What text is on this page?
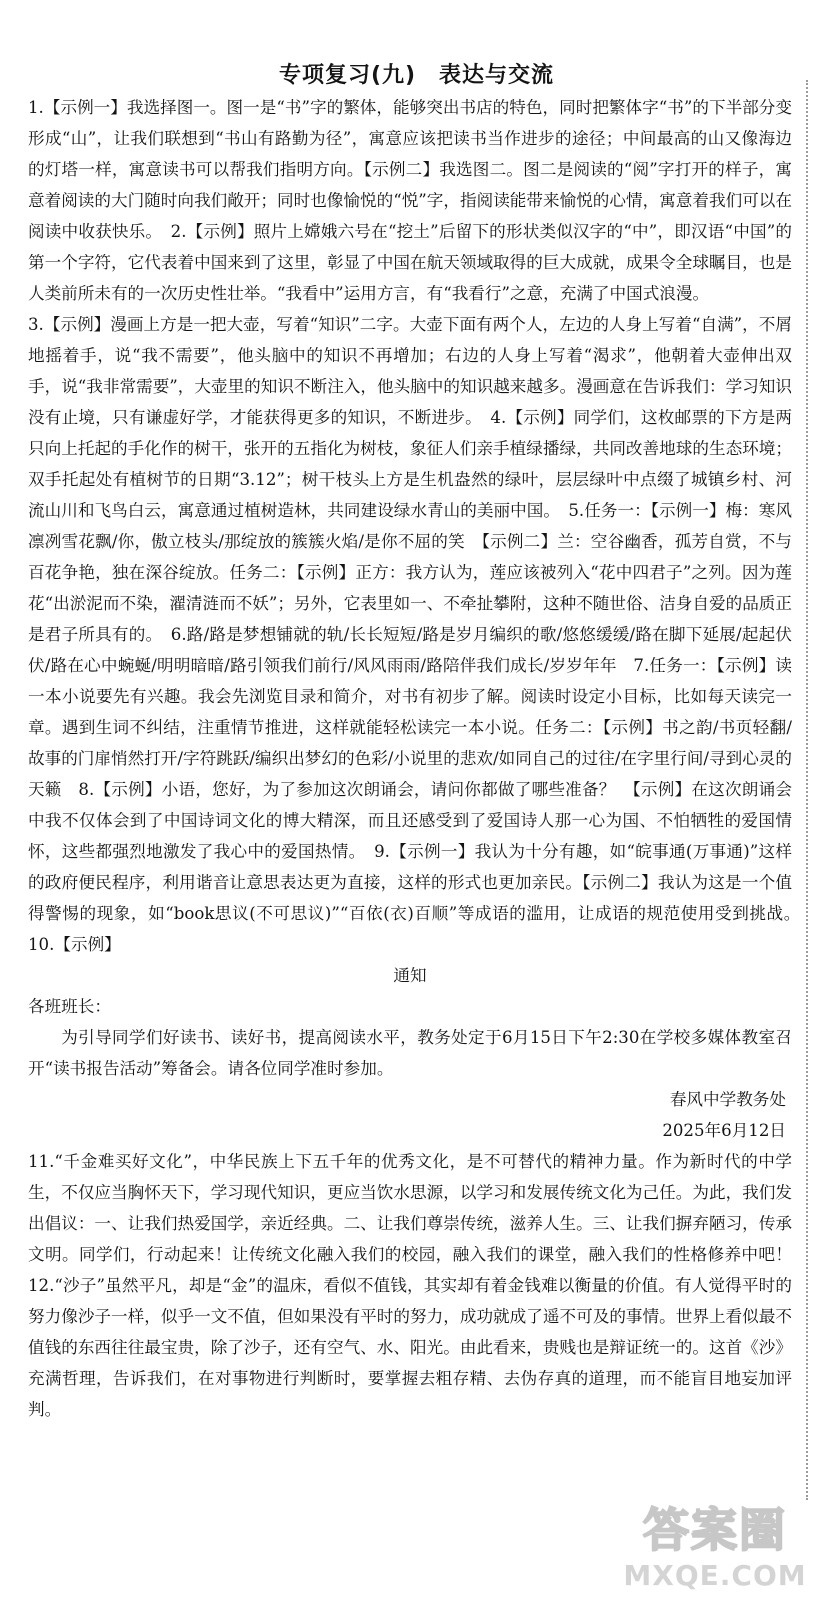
专项复习(九)　表达与交流

1.【示例一】我选择图一。图一是“书”字的繁体，能够突出书店的特色，同时把繁体字“书”的下半部分变形成“山”，让我们联想到“书山有路勤为径”，寓意应该把读书当作进步的途径；中间最高的山又像海边的灯塔一样，寓意读书可以帮我们指明方向。【示例二】我选图二。图二是阅读的“阅”字打开的样子，寓意着阅读的大门随时向我们敞开；同时也像愉悦的“悦”字，指阅读能带来愉悦的心情，寓意着我们可以在阅读中收获快乐。　2.【示例】照片上嫦娥六号在“挖土”后留下的形状类似汉字的“中”，即汉语“中国”的第一个字符，它代表着中国来到了这里，彰显了中国在航天领域取得的巨大成就，成果令全球瞩目，也是人类前所未有的一次历史性壮举。“我看中”运用方言，有“我看行”之意，充满了中国式浪漫。

3.【示例】漫画上方是一把大壶，写着“知识”二字。大壶下面有两个人，左边的人身上写着“自满”，不屑地摇着手，说“我不需要”，他头脑中的知识不再增加；右边的人身上写着“渴求”，他朝着大壶伸出双手，说“我非常需要”，大壶里的知识不断注入，他头脑中的知识越来越多。漫画意在告诉我们：学习知识没有止境，只有谦虚好学，才能获得更多的知识，不断进步。　4.【示例】同学们，这枚邮票的下方是两只向上托起的手化作的树干，张开的五指化为树枝，象征人们亲手植绿播绿，共同改善地球的生态环境；双手托起处有植树节的日期“3.12”；树干枝头上方是生机盎然的绿叶，层层绿叶中点缀了城镇乡村、河流山川和飞鸟白云，寓意通过植树造林，共同建设绿水青山的美丽中国。　5.任务一：【示例一】梅：寒风凛冽雪花飘/你，傲立枝头/那绽放的簇簇火焰/是你不屈的笑　【示例二】兰：空谷幽香，孤芳自赏，不与百花争艳，独在深谷绽放。任务二：【示例】正方：我方认为，莲应该被列入“花中四君子”之列。因为莲花“出淤泥而不染，濯清涟而不妖”；另外，它表里如一、不牵扯攀附，这种不随世俗、洁身自爱的品质正是君子所具有的。　6.路/路是梦想铺就的轨/长长短短/路是岁月编织的歌/悠悠缓缓/路在脚下延展/起起伏伏/路在心中蜿蜒/明明暗暗/路引领我们前行/风风雨雨/路陪伴我们成长/岁岁年年　7.任务一：【示例】读一本小说要先有兴趣。我会先浏览目录和简介，对书有初步了解。阅读时设定小目标，比如每天读完一章。遇到生词不纠结，注重情节推进，这样就能轻松读完一本小说。任务二：【示例】书之韵/书页轻翻/故事的门扉悄然打开/字符跳跃/编织出梦幻的色彩/小说里的悲欢/如同自己的过往/在字里行间/寻到心灵的天籁　8.【示例】小语，您好，为了参加这次朗诵会，请问你都做了哪些准备？　【示例】在这次朗诵会中我不仅体会到了中国诗词文化的博大精深，而且还感受到了爱国诗人那一心为国、不怕牺牲的爱国情怀，这些都强烈地激发了我心中的爱国热情。　9.【示例一】我认为十分有趣，如“皖事通(万事通)”这样的政府便民程序，利用谐音让意思表达更为直接，这样的形式也更加亲民。【示例二】我认为这是一个值得警惕的现象，如“book思议(不可思议)”“百依(衣)百顺”等成语的滥用，让成语的规范使用受到挑战。　10.【示例】

通知

各班班长：

为引导同学们好读书、读好书，提高阅读水平，教务处定于6月15日下午2:30在学校多媒体教室召开“读书报告活动”筹备会。请各位同学准时参加。

春风中学教务处

2025年6月12日

11.“千金难买好文化”，中华民族上下五千年的优秀文化，是不可替代的精神力量。作为新时代的中学生，不仅应当胸怀天下，学习现代知识，更应当饮水思源，以学习和发展传统文化为己任。为此，我们发出倡议：一、让我们热爱国学，亲近经典。二、让我们尊崇传统，滋养人生。三、让我们摒弃陋习，传承文明。同学们，行动起来！让传统文化融入我们的校园，融入我们的课堂，融入我们的性格修养中吧！　12.“沙子”虽然平凡，却是“金”的温床，看似不值钱，其实却有着金钱难以衡量的价值。有人觉得平时的努力像沙子一样，似乎一文不值，但如果没有平时的努力，成功就成了遥不可及的事情。世界上看似最不值钱的东西往往最宝贵，除了沙子，还有空气、水、阳光。由此看来，贵贱也是辩证统一的。这首《沙》充满哲理，告诉我们，在对事物进行判断时，要掌握去粗存精、去伪存真的道理，而不能盲目地妄加评判。

答案圈
MXQE.COM
